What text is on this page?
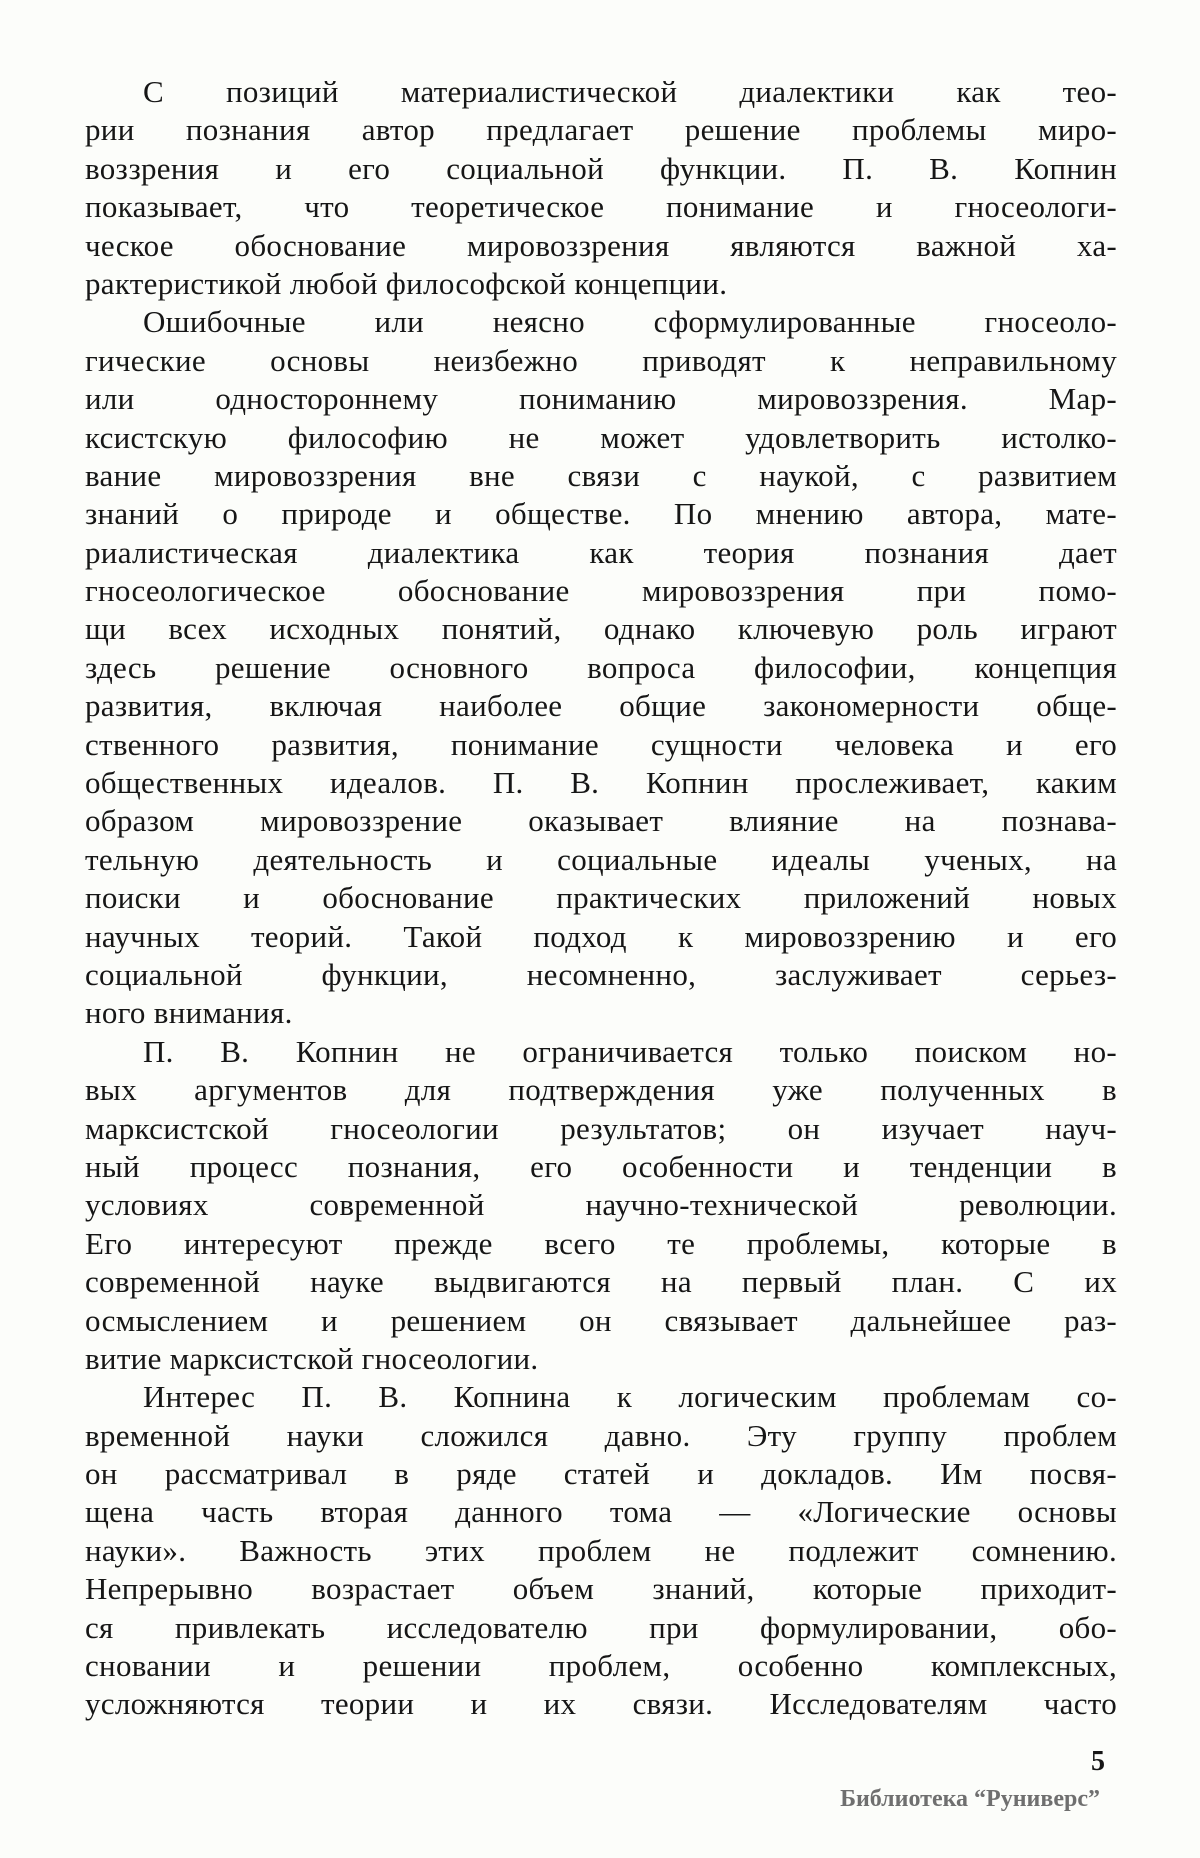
С позиций материалистической диалектики как тео-
рии познания автор предлагает решение проблемы миро-
воззрения и его социальной функции. П. В. Копнин
показывает, что теоретическое понимание и гносеологи-
ческое обоснование мировоззрения являются важной ха-
рактеристикой любой философской концепции.
Ошибочные или неясно сформулированные гносеоло-
гические основы неизбежно приводят к неправильному
или одностороннему пониманию мировоззрения. Мар-
ксистскую философию не может удовлетворить истолко-
вание мировоззрения вне связи с наукой, с развитием
знаний о природе и обществе. По мнению автора, мате-
риалистическая диалектика как теория познания дает
гносеологическое обоснование мировоззрения при помо-
щи всех исходных понятий, однако ключевую роль играют
здесь решение основного вопроса философии, концепция
развития, включая наиболее общие закономерности обще-
ственного развития, понимание сущности человека и его
общественных идеалов. П. В. Копнин прослеживает, каким
образом мировоззрение оказывает влияние на познава-
тельную деятельность и социальные идеалы ученых, на
поиски и обоснование практических приложений новых
научных теорий. Такой подход к мировоззрению и его
социальной функции, несомненно, заслуживает серьез-
ного внимания.
П. В. Копнин не ограничивается только поиском но-
вых аргументов для подтверждения уже полученных в
марксистской гносеологии результатов; он изучает науч-
ный процесс познания, его особенности и тенденции в
условиях современной научно-технической революции.
Его интересуют прежде всего те проблемы, которые в
современной науке выдвигаются на первый план. С их
осмыслением и решением он связывает дальнейшее раз-
витие марксистской гносеологии.
Интерес П. В. Копнина к логическим проблемам со-
временной науки сложился давно. Эту группу проблем
он рассматривал в ряде статей и докладов. Им посвя-
щена часть вторая данного тома — «Логические основы
науки». Важность этих проблем не подлежит сомнению.
Непрерывно возрастает объем знаний, которые приходит-
ся привлекать исследователю при формулировании, обо-
сновании и решении проблем, особенно комплексных,
усложняются теории и их связи. Исследователям часто
5
Библиотека “Руниверс”
